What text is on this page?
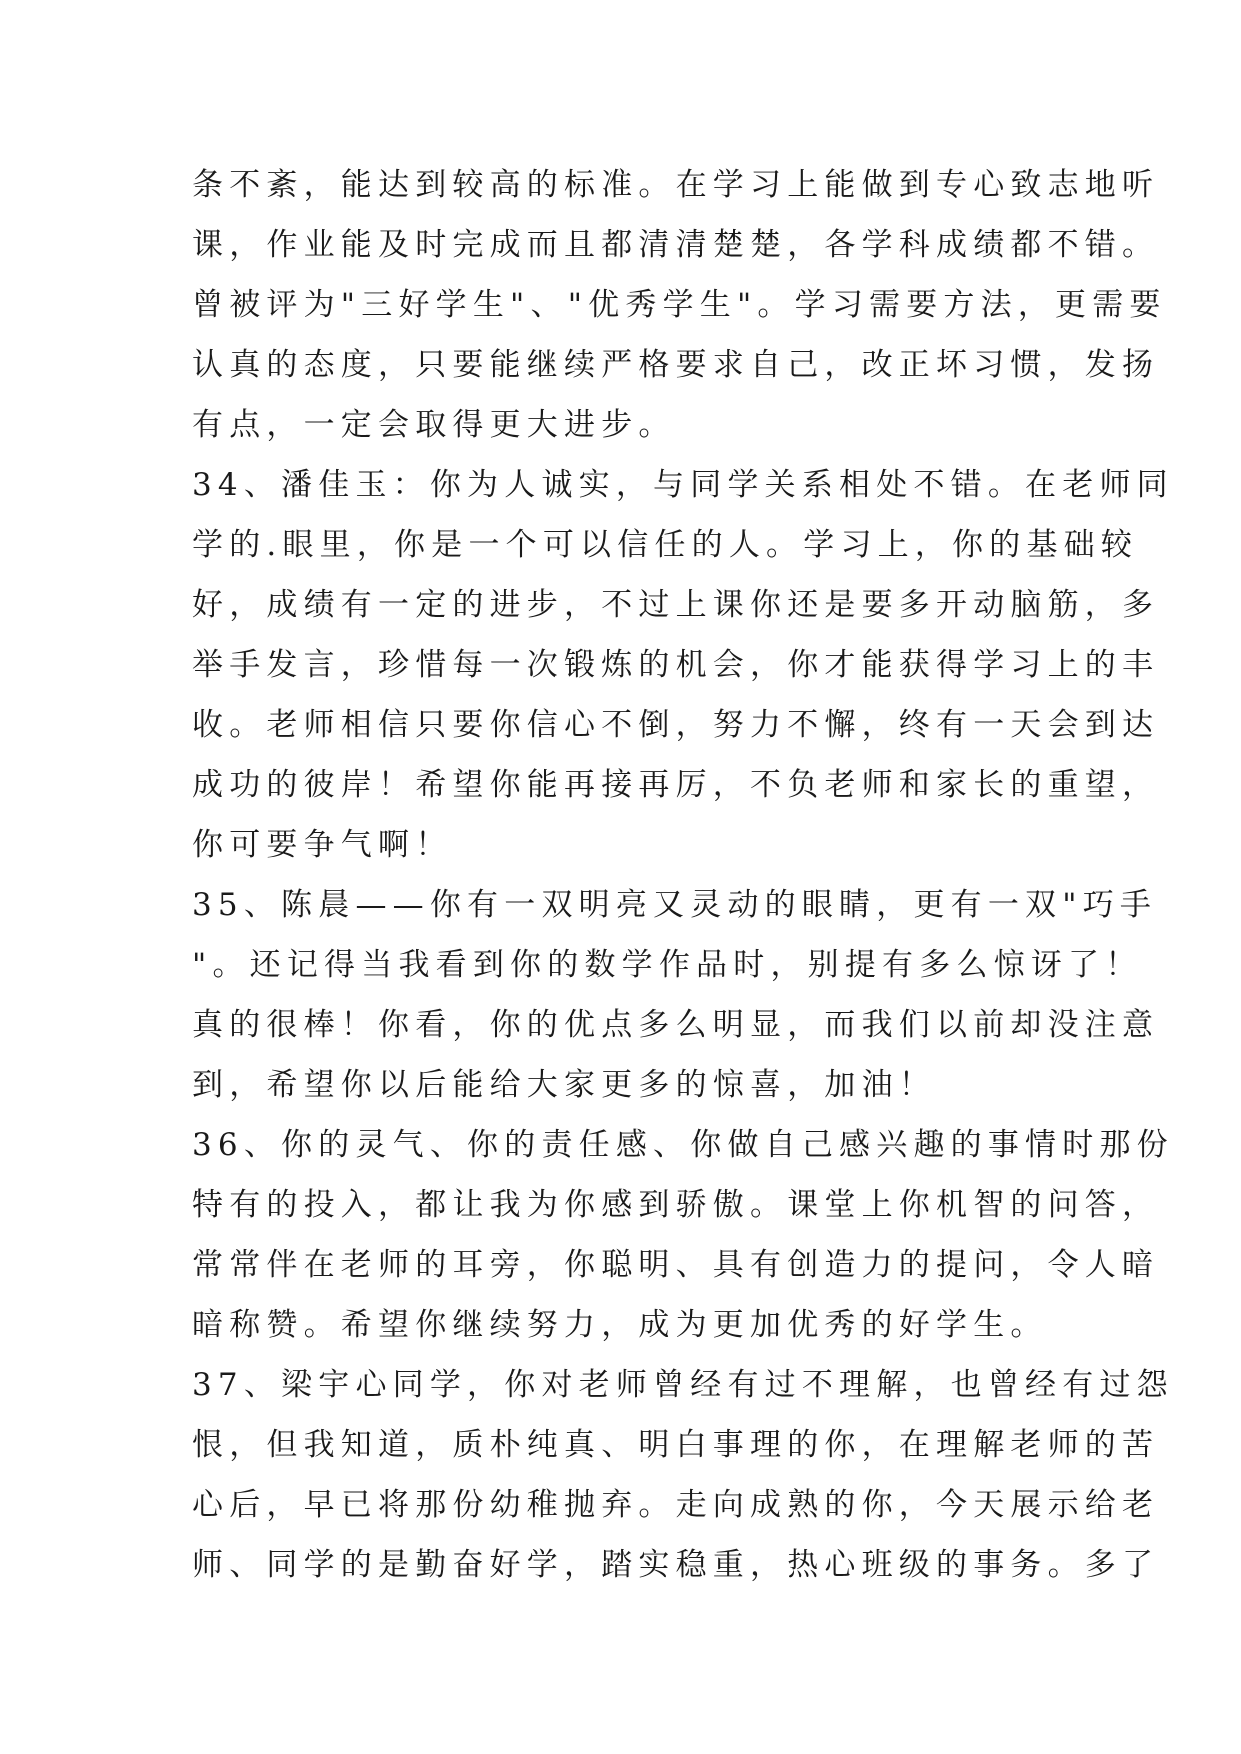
条不紊，能达到较高的标准。在学习上能做到专心致志地听
课，作业能及时完成而且都清清楚楚，各学科成绩都不错。
曾被评为"三好学生"、"优秀学生"。学习需要方法，更需要
认真的态度，只要能继续严格要求自己，改正坏习惯，发扬
有点，一定会取得更大进步。
34、潘佳玉：你为人诚实，与同学关系相处不错。在老师同
学的.眼里，你是一个可以信任的人。学习上，你的基础较
好，成绩有一定的进步，不过上课你还是要多开动脑筋，多
举手发言，珍惜每一次锻炼的机会，你才能获得学习上的丰
收。老师相信只要你信心不倒，努力不懈，终有一天会到达
成功的彼岸！希望你能再接再厉，不负老师和家长的重望，
你可要争气啊！
35、陈晨——你有一双明亮又灵动的眼睛，更有一双"巧手
"。还记得当我看到你的数学作品时，别提有多么惊讶了！
真的很棒！你看，你的优点多么明显，而我们以前却没注意
到，希望你以后能给大家更多的惊喜，加油！
36、你的灵气、你的责任感、你做自己感兴趣的事情时那份
特有的投入，都让我为你感到骄傲。课堂上你机智的问答，
常常伴在老师的耳旁，你聪明、具有创造力的提问，令人暗
暗称赞。希望你继续努力，成为更加优秀的好学生。
37、梁宇心同学，你对老师曾经有过不理解，也曾经有过怨
恨，但我知道，质朴纯真、明白事理的你，在理解老师的苦
心后，早已将那份幼稚抛弃。走向成熟的你，今天展示给老
师、同学的是勤奋好学，踏实稳重，热心班级的事务。多了
